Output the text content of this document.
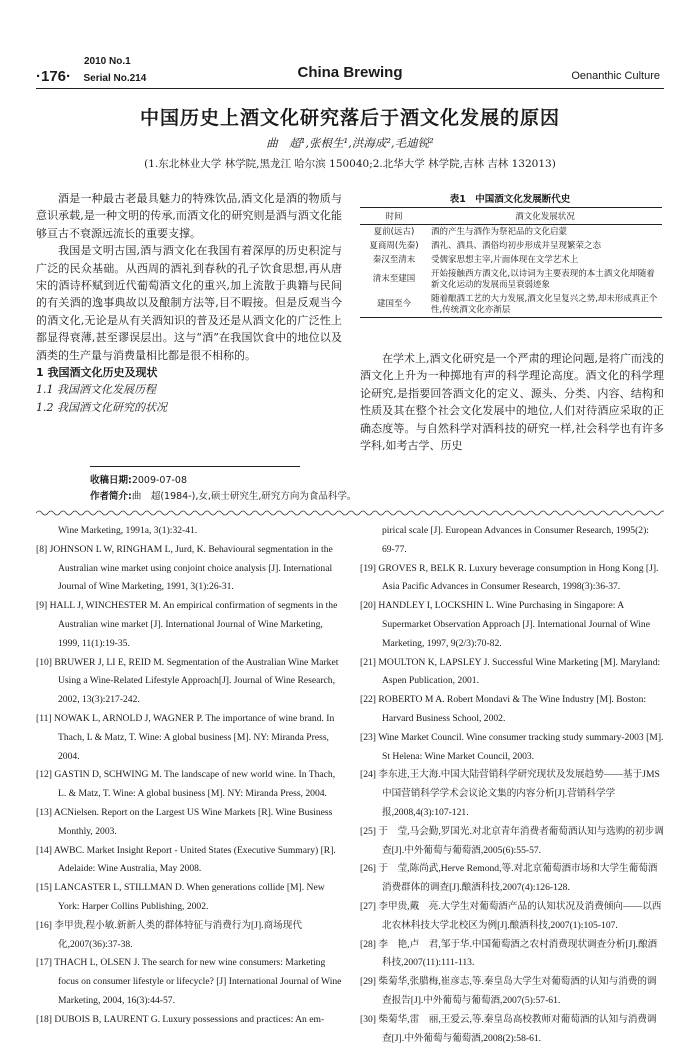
2010 No.1
·176· Serial No.214	China Brewing	Oenanthic Culture
中国历史上酒文化研究落后于酒文化发展的原因
曲　超¹,张根生¹,洪海成²,毛迪锐²
(1.东北林业大学 林学院,黑龙江 哈尔滨 150040;2.北华大学 林学院,吉林 吉林 132013)

酒是一种最古老最具魅力的特殊饮品,酒文化是酒的物质与意识承载,是一种文明的传承,而酒文化的研究则是酒与酒文化能够亘古不衰源远流长的重要支撑。

我国是文明古国,酒与酒文化在我国有着深厚的历史积淀与广泛的民众基础。从西周的酒礼到春秋的孔子饮食思想,再从唐宋的酒诗杯赋到近代葡萄酒文化的重兴,加上流散于典籍与民间的有关酒的逸事典故以及酿制方法等,目不暇接。但是反观当今的酒文化,无论是从有关酒知识的普及还是从酒文化的广泛性上都显得衰薄,甚至谬误层出。这与“酒”在我国饮食中的地位以及酒类的生产量与消费量相比都是很不相称的。

1 我国酒文化历史及现状
1.1 我国酒文化发展历程
1.2 我国酒文化研究的状况
表1　中国酒文化发展断代史
时间	酒文化发展状况
夏前(远古)	酒的产生与酒作为祭祀品的文化启蒙
夏商周(先秦)	酒礼、酒具、酒俗均初步形成并呈现繁荣之态
秦汉至清末	受儒家思想主宰,片面体现在文学艺术上
清末至建国	开始接触西方酒文化,以诗词为主要表现的本土酒文化却随着新文化运动的发展而呈衰弱迹象
建国至今	随着酿酒工艺的大力发展,酒文化呈复兴之势,却未形成真正个性,传统酒文化亦渐层

在学术上,酒文化研究是一个严肃的理论问题,是将广而浅的酒文化上升为一种掷地有声的科学理论高度。酒文化的科学理论研究,是指要回答酒文化的定义、源头、分类、内容、结构和性质及其在整个社会文化发展中的地位,人们对待酒应采取的正确态度等。与自然科学对酒科技的研究一样,社会科学也有许多学科,如考古学、历史

收稿日期:2009-07-08
作者简介:曲　超(1984-),女,硕士研究生,研究方向为食品科学。
Wine Marketing, 1991a, 3(1):32-41.
[8] JOHNSON L W, RINGHAM L, Jurd, K. Behavioural segmentation in the Australian wine market using conjoint choice analysis [J]. International Journal of Wine Marketing, 1991, 3(1):26-31.
[9] HALL J, WINCHESTER M. An empirical confirmation of segments in the Australian wine market [J]. International Journal of Wine Marketing, 1999, 11(1):19-35.
[10] BRUWER J, LI E, REID M. Segmentation of the Australian Wine Market Using a Wine-Related Lifestyle Approach[J]. Journal of Wine Research, 2002, 13(3):217-242.
[11] NOWAK L, ARNOLD J, WAGNER P. The importance of wine brand. In Thach, L & Matz, T. Wine: A global business [M]. NY: Miranda Press, 2004.
[12] GASTIN D, SCHWING M. The landscape of new world wine. In Thach, L. & Matz, T. Wine: A global business [M]. NY: Miranda Press, 2004.
[13] ACNielsen. Report on the Largest US Wine Markets [R]. Wine Business Monthly, 2003.
[14] AWBC. Market Insight Report - United States (Executive Summary) [R]. Adelaide: Wine Australia, May 2008.
[15] LANCASTER L, STILLMAN D. When generations collide [M]. New York: Harper Collins Publishing, 2002.
[16] 李甲贵,程小敏.新新人类的群体特征与消费行为[J].商场现代化,2007(36):37-38.
[17] THACH L, OLSEN J. The search for new wine consumers: Marketing focus on consumer lifestyle or lifecycle? [J] International Journal of Wine Marketing, 2004, 16(3):44-57.
[18] DUBOIS B, LAURENT G. Luxury possessions and practices: An em-
pirical scale [J]. European Advances in Consumer Research, 1995(2): 69-77.
[19] GROVES R, BELK R. Luxury beverage consumption in Hong Kong [J]. Asia Pacific Advances in Consumer Research, 1998(3):36-37.
[20] HANDLEY I, LOCKSHIN L. Wine Purchasing in Singapore: A Supermarket Observation Approach [J]. International Journal of Wine Marketing, 1997, 9(2/3):70-82.
[21] MOULTON K, LAPSLEY J. Successful Wine Marketing [M]. Maryland: Aspen Publication, 2001.
[22] ROBERTO M A. Robert Mondavi & The Wine Industry [M]. Boston: Harvard Business School, 2002.
[23] Wine Market Council. Wine consumer tracking study summary-2003 [M]. St Helena: Wine Market Council, 2003.
[24] 李东进,王大海.中国大陆营销科学研究现状及发展趋势——基于JMS中国营销科学学术会议论文集的内容分析[J].营销科学学报,2008,4(3):107-121.
[25] 于　莹,马会勤,罗国光.对北京青年消费者葡萄酒认知与选购的初步调查[J].中外葡萄与葡萄酒,2005(6):55-57.
[26] 于　莹,陈尚武,Herve Remond,等.对北京葡萄酒市场和大学生葡萄酒消费群体的调查[J].酿酒科技,2007(4):126-128.
[27] 李甲贵,戴　亮.大学生对葡萄酒产品的认知状况及消费倾向——以西北农林科技大学北校区为例[J].酿酒科技,2007(1):105-107.
[28] 李　艳,卢　君,邹于华.中国葡萄酒之农村消费现状调查分析[J].酿酒科技,2007(11):111-113.
[29] 柴菊华,张腊梅,崔彦志,等.秦皇岛大学生对葡萄酒的认知与消费的调查报告[J].中外葡萄与葡萄酒,2007(5):57-61.
[30] 柴菊华,雷　丽,王爱云,等.秦皇岛高校教师对葡萄酒的认知与消费调查[J].中外葡萄与葡萄酒,2008(2):58-61.
